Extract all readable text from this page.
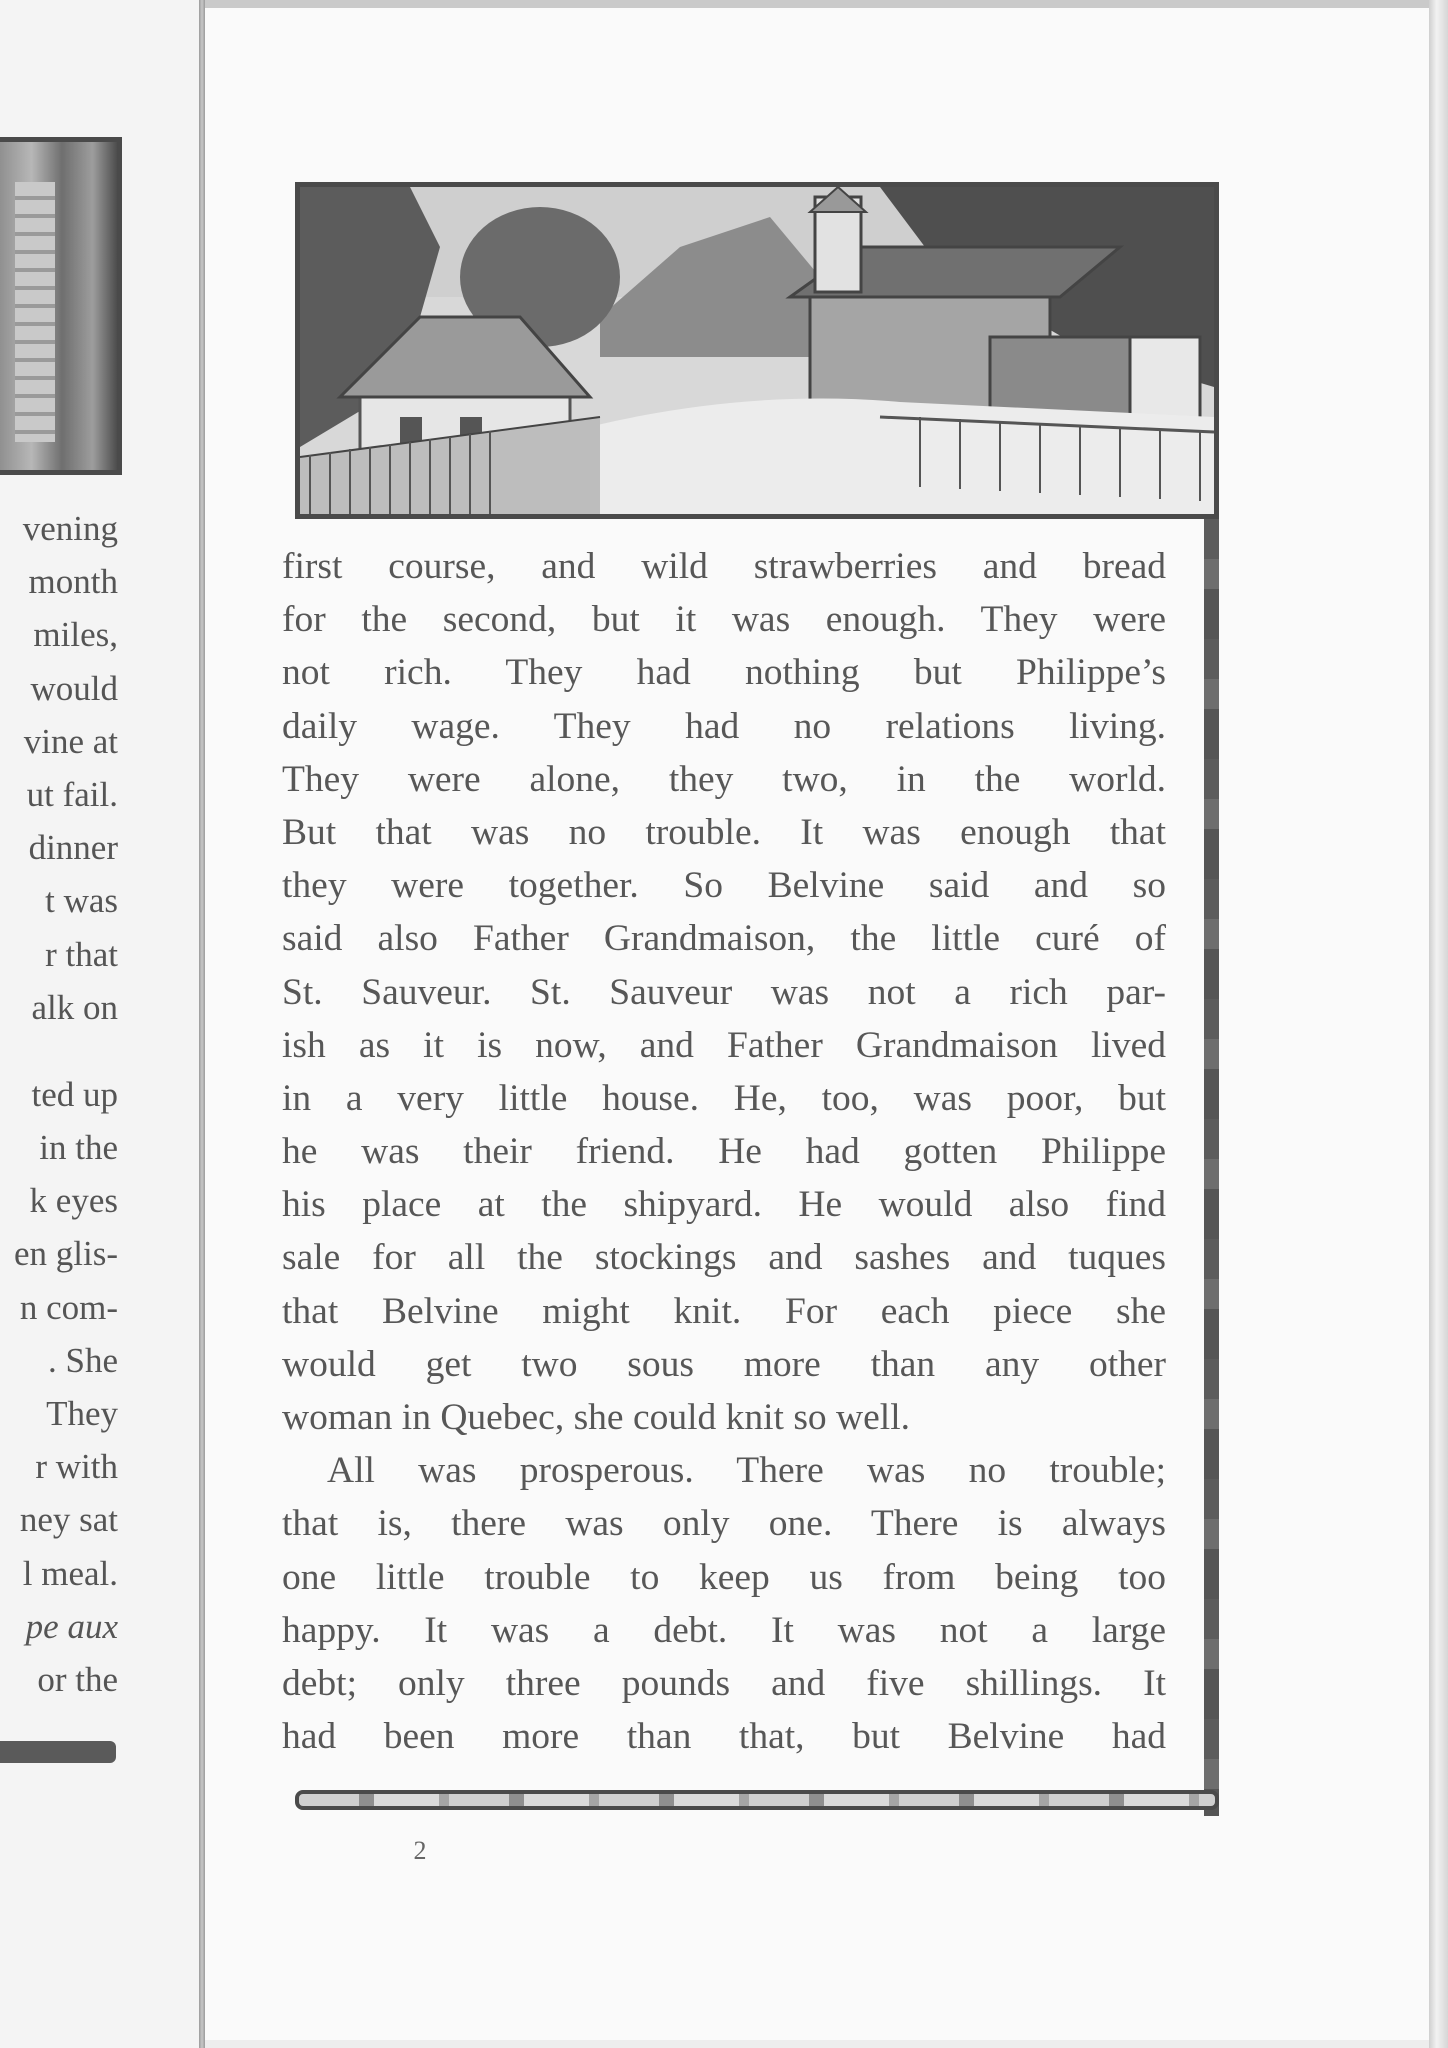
vening
month
miles,
would
vine at
ut fail.
dinner
t was
r that
alk on
ted up
in the
k eyes
en glis-
n com-
. She
They
r with
ney sat
l meal.
pe aux
or the
first course, and wild strawberries and bread
for the second, but it was enough. They were
not rich. They had nothing but Philippe’s
daily wage. They had no relations living.
They were alone, they two, in the world.
But that was no trouble. It was enough that
they were together. So Belvine said and so
said also Father Grandmaison, the little curé of
St. Sauveur. St. Sauveur was not a rich par-
ish as it is now, and Father Grandmaison lived
in a very little house. He, too, was poor, but
he was their friend. He had gotten Philippe
his place at the shipyard. He would also find
sale for all the stockings and sashes and tuques
that Belvine might knit. For each piece she
would get two sous more than any other
woman in Quebec, she could knit so well.
All was prosperous. There was no trouble;
that is, there was only one. There is always
one little trouble to keep us from being too
happy. It was a debt. It was not a large
debt; only three pounds and five shillings. It
had been more than that, but Belvine had
2
